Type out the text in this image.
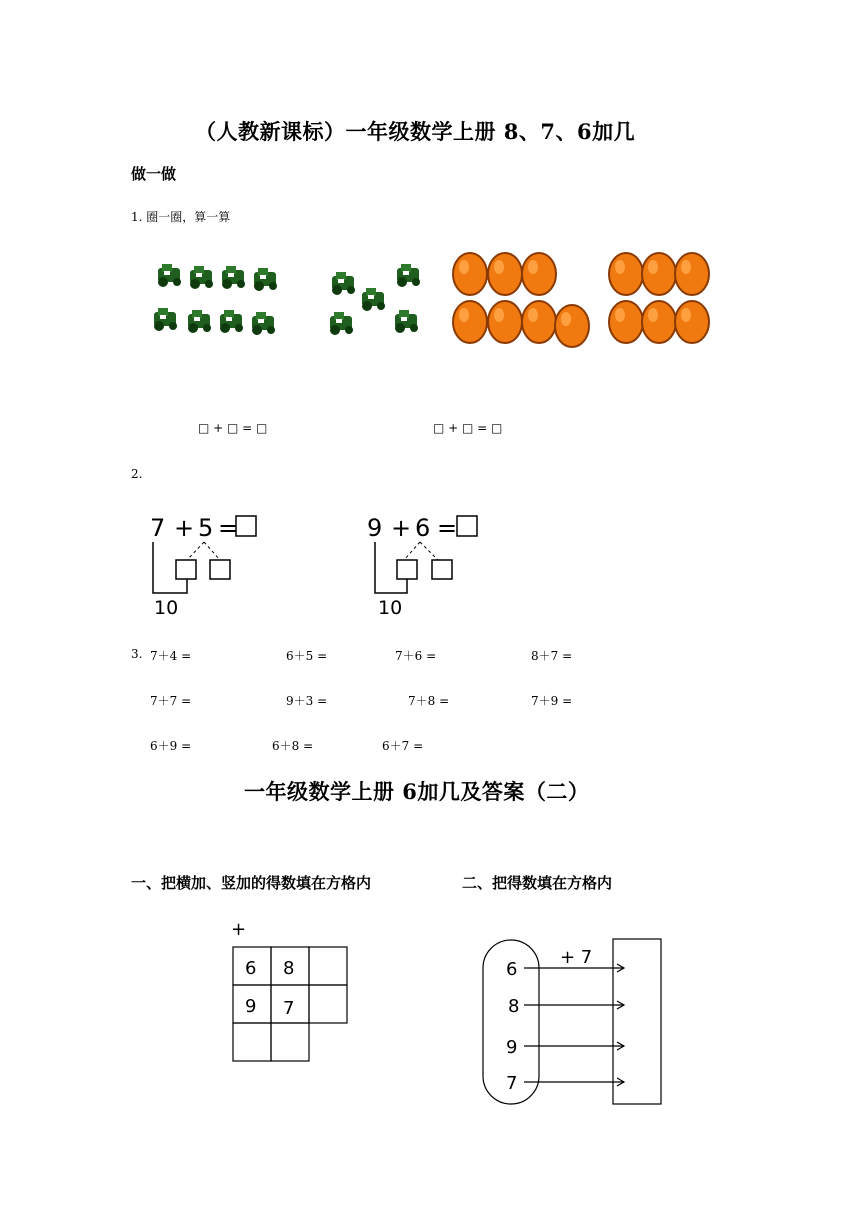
（人教新课标）一年级数学上册 8、7、6加几
做一做
1. 圈一圈，算一算
□ + □ = □	□ + □ = □
2.
7 + 5 =
10
9 + 6 =
10
3. 7＋4 =	6＋5 =	7＋6 =	8＋7 =
7＋7 =	9＋3 =	7＋8 =	7＋9 =
6＋9 =	6＋8 =	6＋7 =
一年级数学上册 6加几及答案（二）
一、把横加、竖加的得数填在方格内	二、把得数填在方格内
+
6 8
9 7
+ 7
6
8
9
7
